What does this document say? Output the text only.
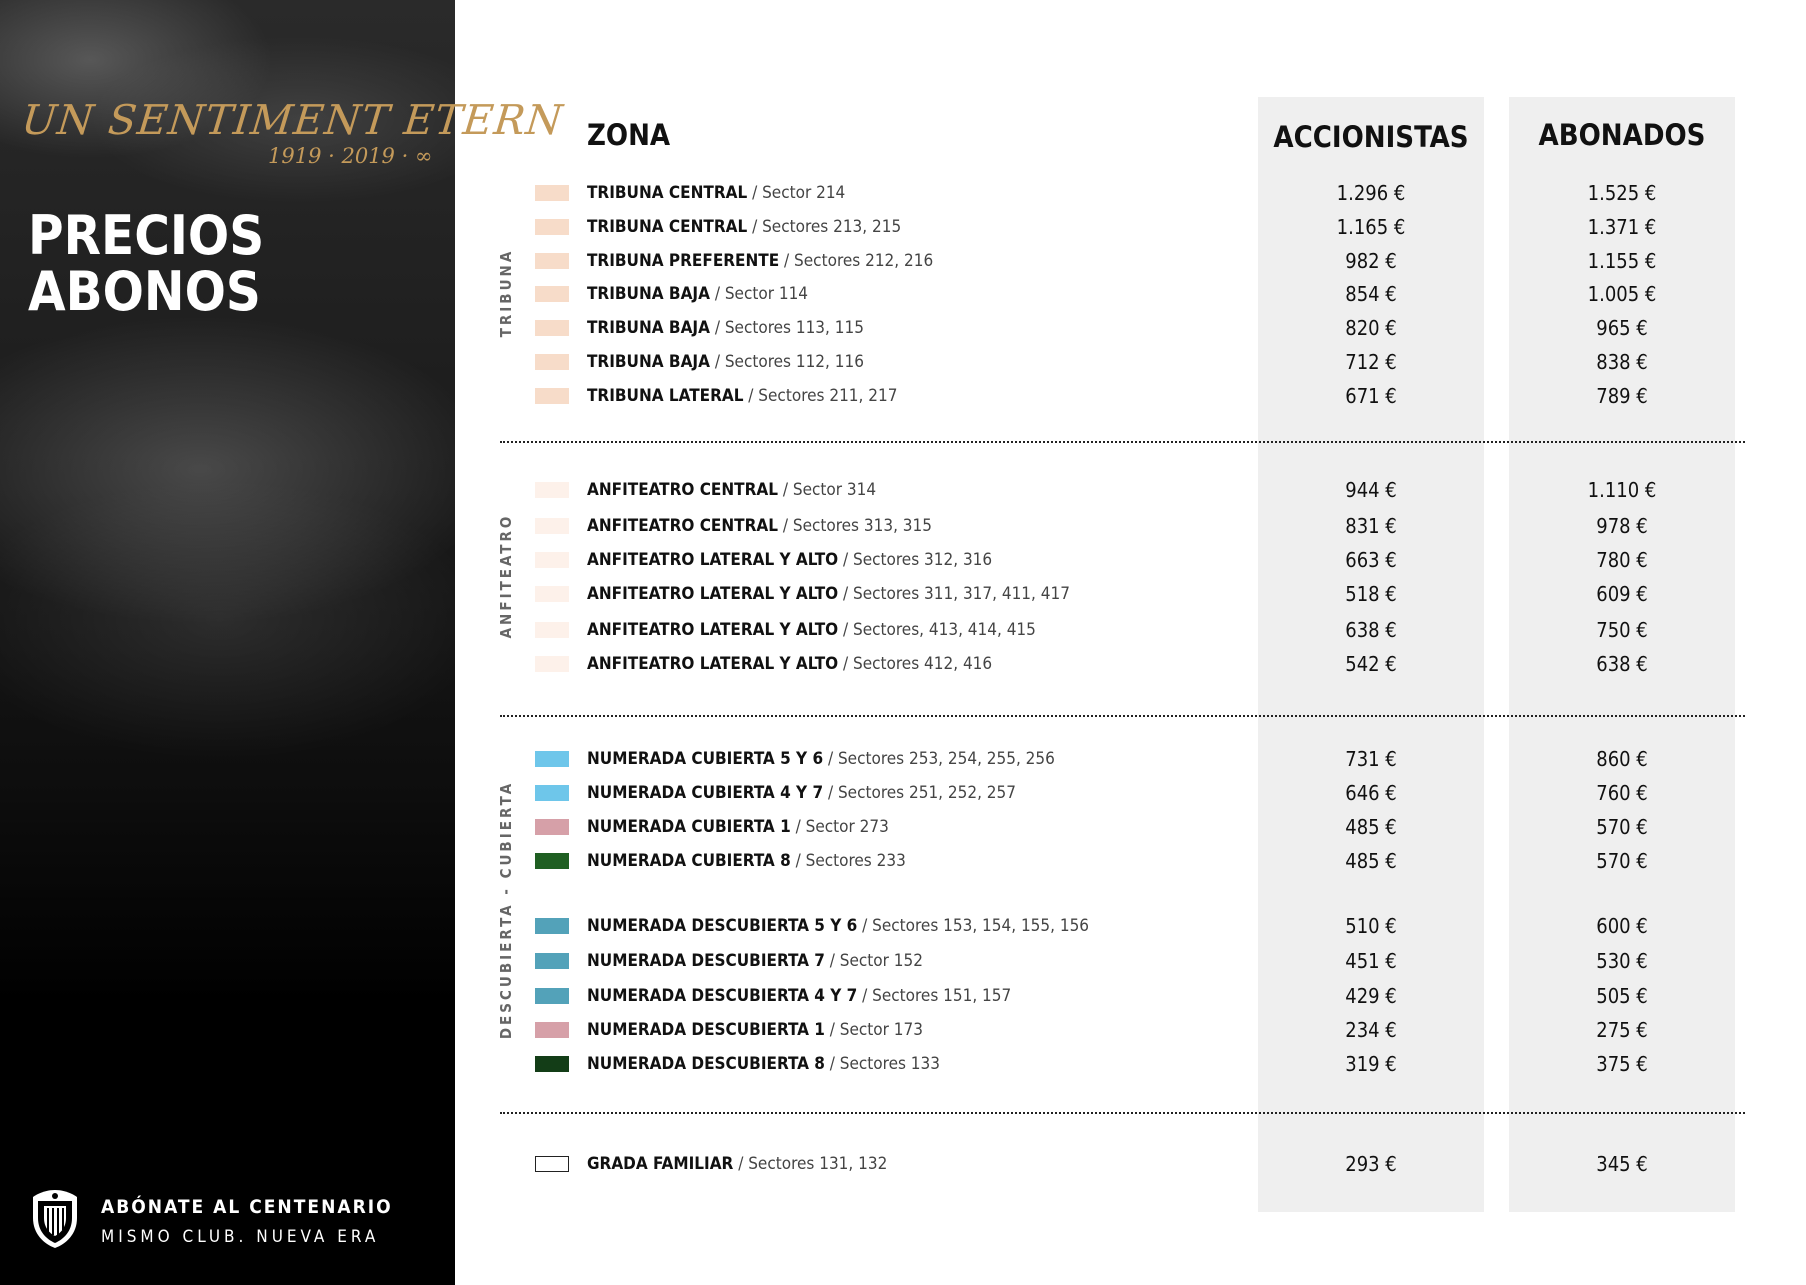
UN SENTIMENT ETERN
1919 · 2019 · ∞
PRECIOS
ABONOS
ABÓNATE AL CENTENARIO
MISMO CLUB. NUEVA ERA
ZONA	ACCIONISTAS	ABONADOS
TRIBUNA
ANFITEATRO
DESCUBIERTA - CUBIERTA
TRIBUNA CENTRAL / Sector 214	1.296 €	1.525 €
TRIBUNA CENTRAL / Sectores 213, 215	1.165 €	1.371 €
TRIBUNA PREFERENTE / Sectores 212, 216	982 €	1.155 €
TRIBUNA BAJA / Sector 114	854 €	1.005 €
TRIBUNA BAJA / Sectores 113, 115	820 €	965 €
TRIBUNA BAJA / Sectores 112, 116	712 €	838 €
TRIBUNA LATERAL / Sectores 211, 217	671 €	789 €
ANFITEATRO CENTRAL / Sector 314	944 €	1.110 €
ANFITEATRO CENTRAL / Sectores 313, 315	831 €	978 €
ANFITEATRO LATERAL Y ALTO / Sectores 312, 316	663 €	780 €
ANFITEATRO LATERAL Y ALTO / Sectores 311, 317, 411, 417	518 €	609 €
ANFITEATRO LATERAL Y ALTO / Sectores, 413, 414, 415	638 €	750 €
ANFITEATRO LATERAL Y ALTO / Sectores 412, 416	542 €	638 €
NUMERADA CUBIERTA 5 Y 6 / Sectores 253, 254, 255, 256	731 €	860 €
NUMERADA CUBIERTA 4 Y 7 / Sectores 251, 252, 257	646 €	760 €
NUMERADA CUBIERTA 1 / Sector 273	485 €	570 €
NUMERADA CUBIERTA 8 / Sectores 233	485 €	570 €
NUMERADA DESCUBIERTA 5 Y 6 / Sectores 153, 154, 155, 156	510 €	600 €
NUMERADA DESCUBIERTA 7 / Sector 152	451 €	530 €
NUMERADA DESCUBIERTA 4 Y 7 / Sectores 151, 157	429 €	505 €
NUMERADA DESCUBIERTA 1 / Sector 173	234 €	275 €
NUMERADA DESCUBIERTA 8 / Sectores 133	319 €	375 €
GRADA FAMILIAR / Sectores 131, 132	293 €	345 €
